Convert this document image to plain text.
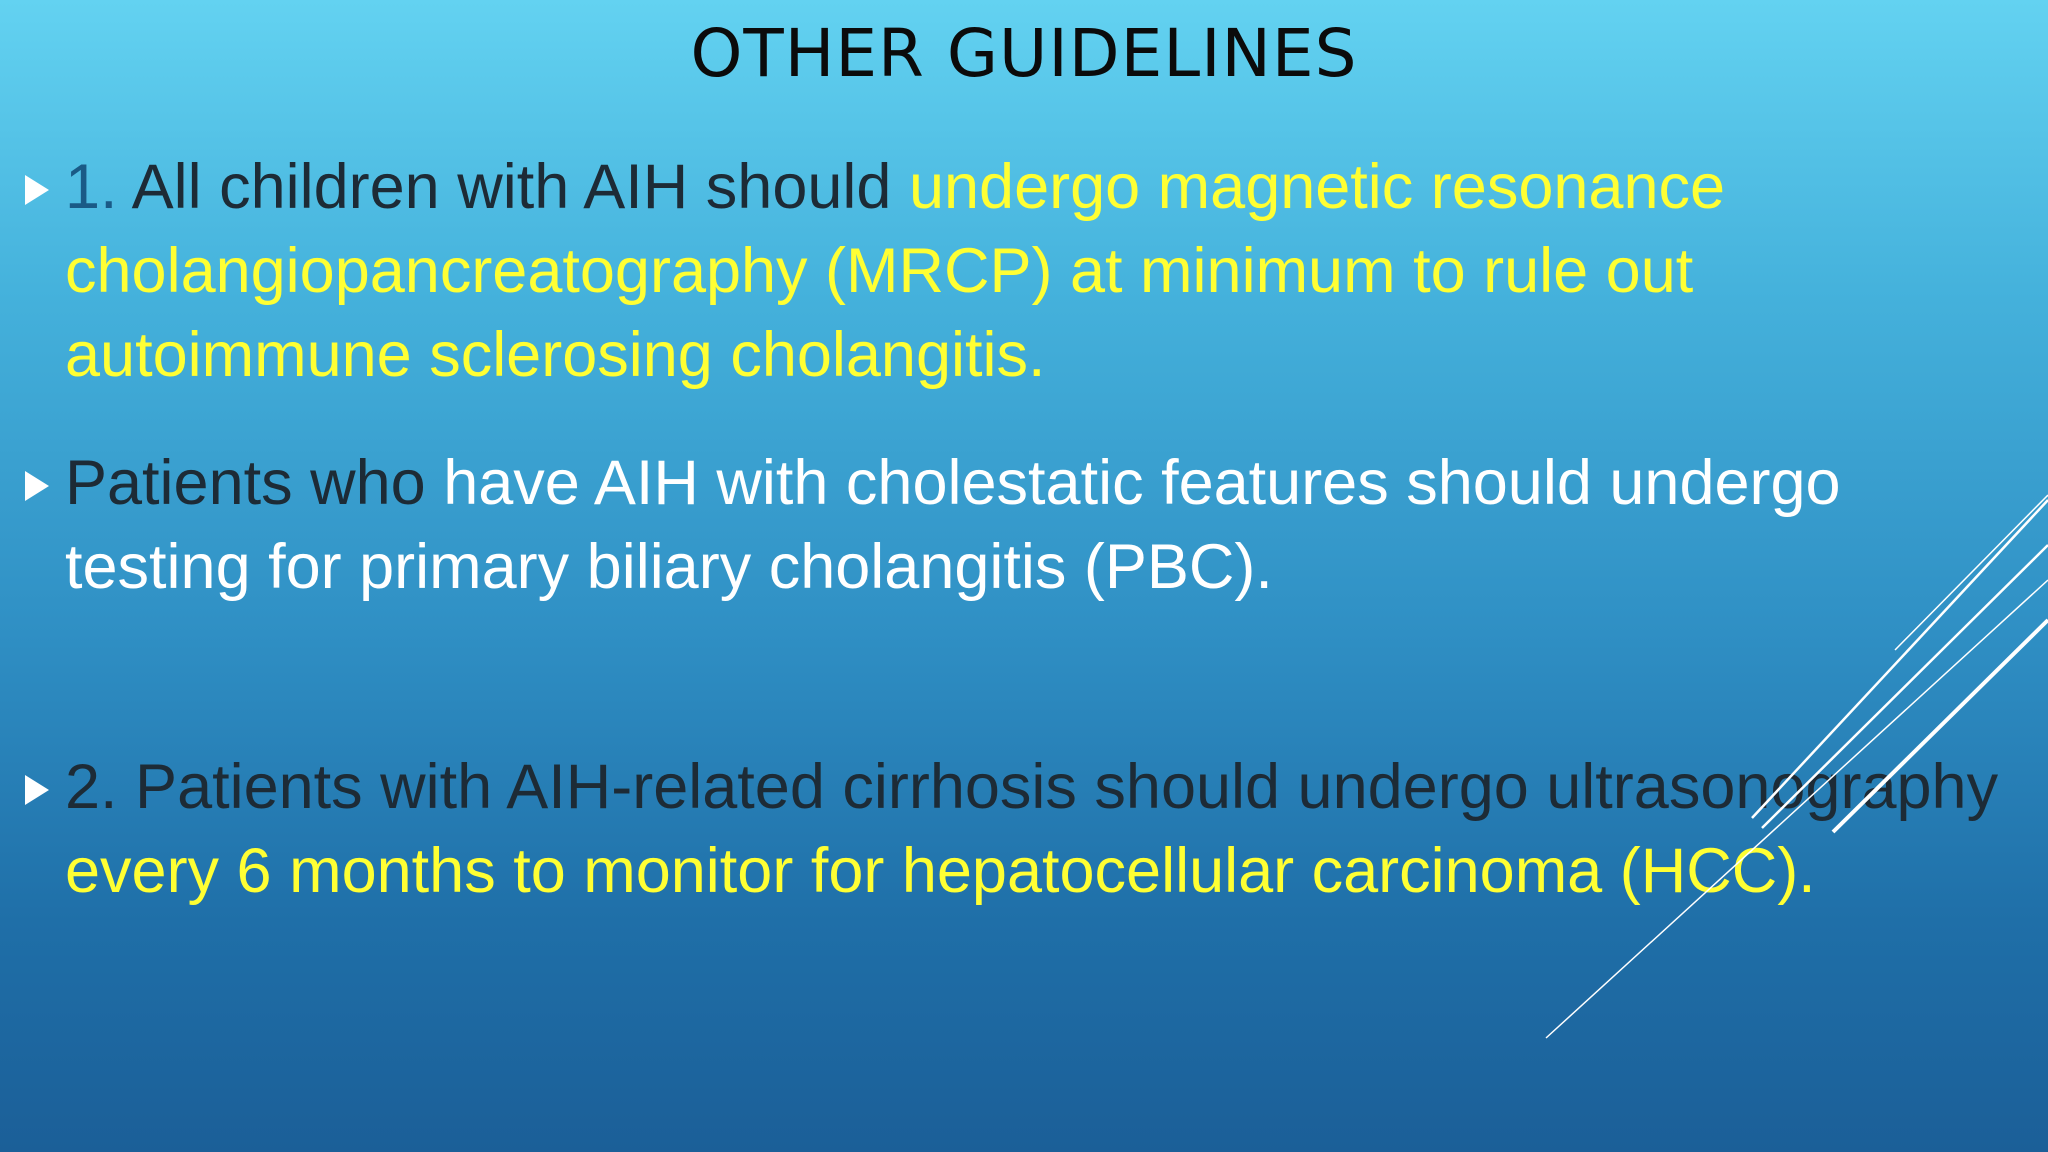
OTHER GUIDELINES
1. All children with AIH should undergo magnetic resonance cholangiopancreatography (MRCP) at minimum to rule out autoimmune sclerosing cholangitis.
Patients who have AIH with cholestatic features should undergo testing for primary biliary cholangitis (PBC).
2. Patients with AIH-related cirrhosis should undergo ultrasonography every 6 months to monitor for hepatocellular carcinoma (HCC).
